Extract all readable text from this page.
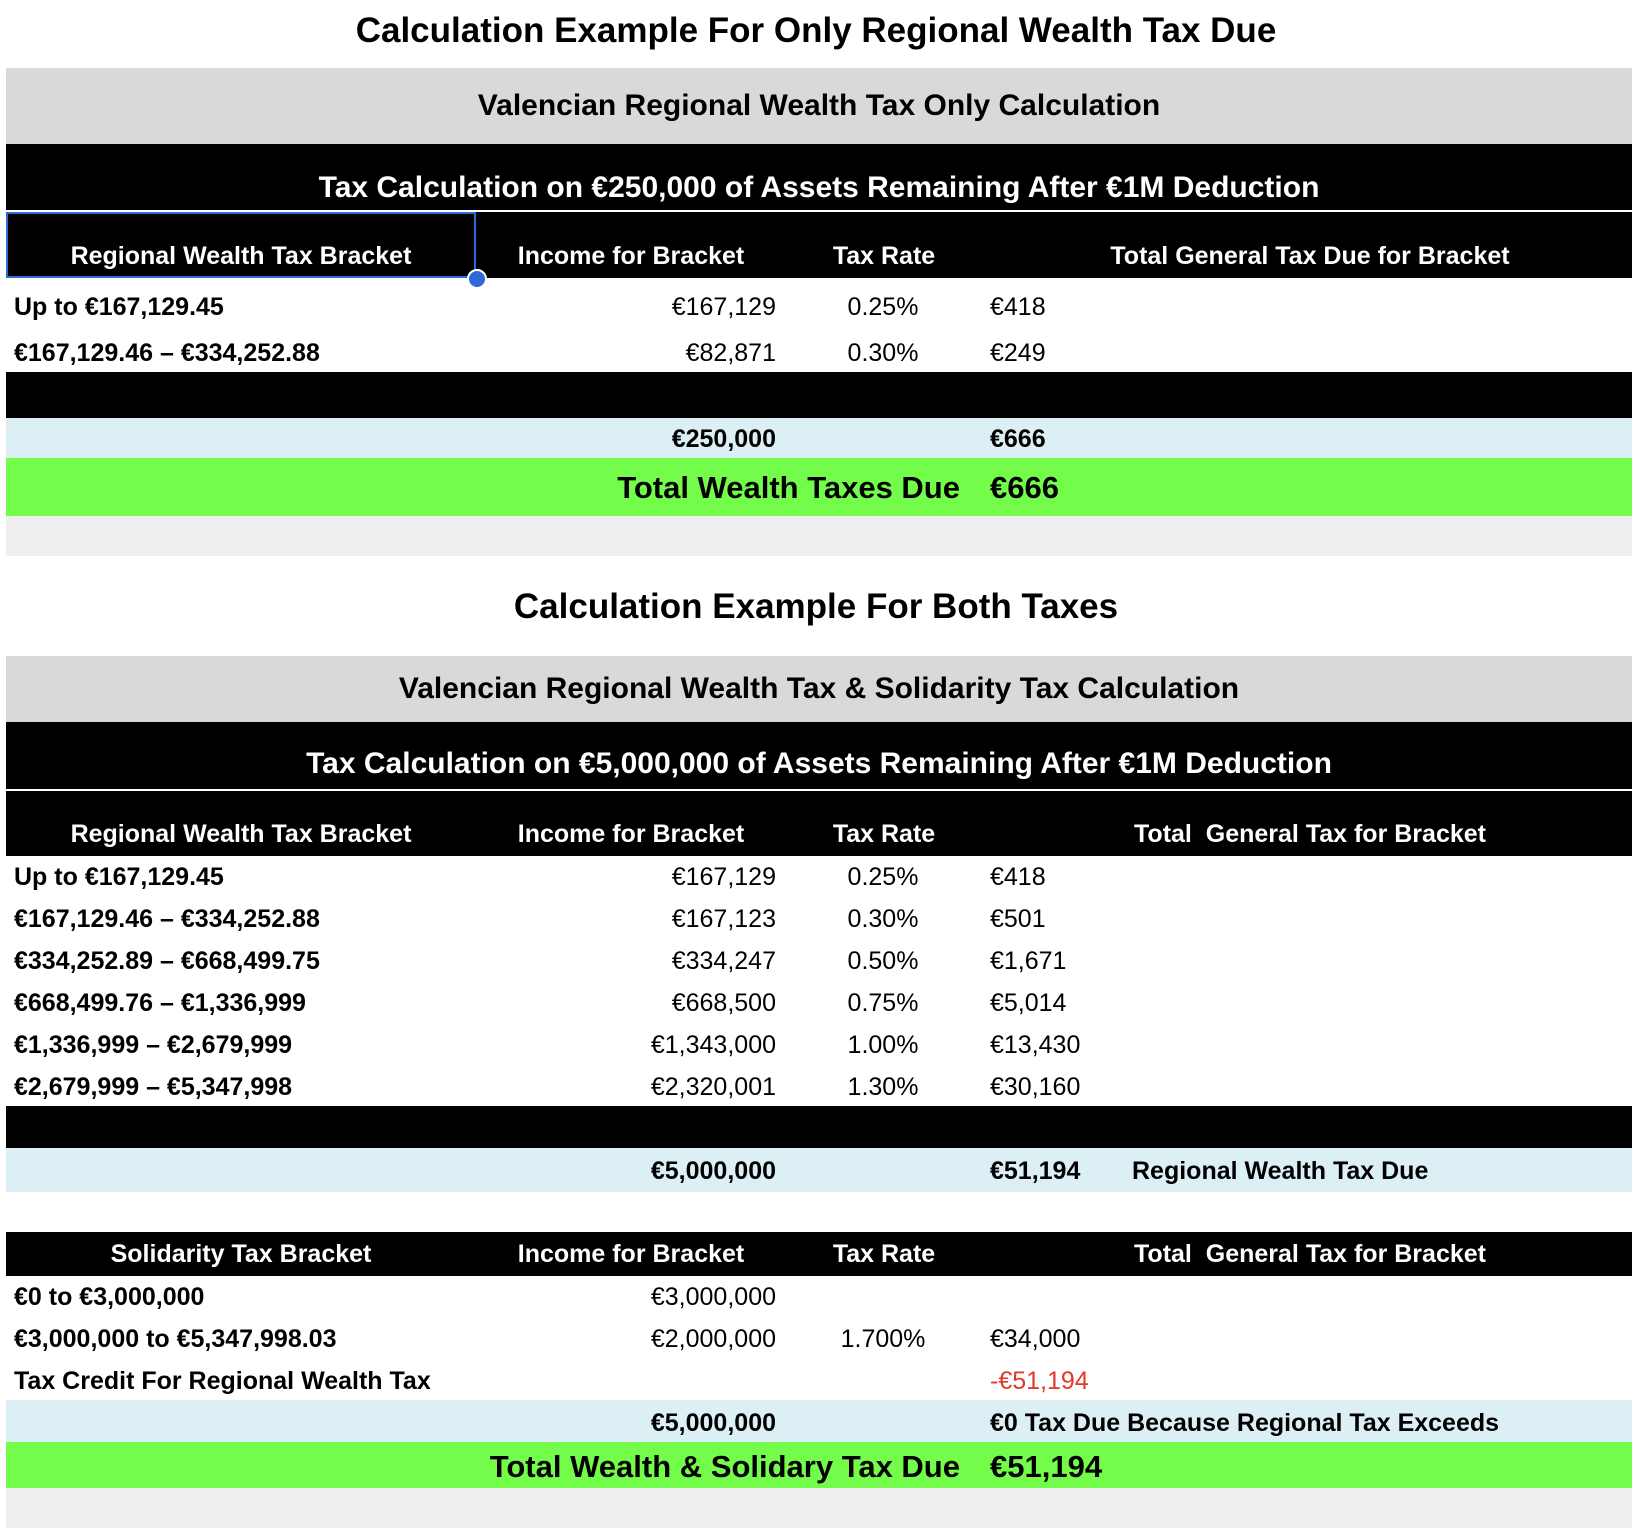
Calculation Example For Only Regional Wealth Tax Due
Valencian Regional Wealth Tax Only Calculation
Tax Calculation on €250,000 of Assets Remaining After €1M Deduction
Regional Wealth Tax Bracket	Income for Bracket	Tax Rate	Total General Tax Due for Bracket
Up to €167,129.45	€167,129	0.25%	€418
€167,129.46 – €334,252.88	€82,871	0.30%	€249
€250,000	€666
Total Wealth Taxes Due €666
Calculation Example For Both Taxes
Valencian Regional Wealth Tax & Solidarity Tax Calculation
Tax Calculation on €5,000,000 of Assets Remaining After €1M Deduction
Regional Wealth Tax Bracket	Income for Bracket	Tax Rate	Total  General Tax for Bracket
Up to €167,129.45	€167,129	0.25%	€418
€167,129.46 – €334,252.88	€167,123	0.30%	€501
€334,252.89 – €668,499.75	€334,247	0.50%	€1,671
€668,499.76 – €1,336,999	€668,500	0.75%	€5,014
€1,336,999 – €2,679,999	€1,343,000	1.00%	€13,430
€2,679,999 – €5,347,998	€2,320,001	1.30%	€30,160
€5,000,000	€51,194 Regional Wealth Tax Due
Solidarity Tax Bracket	Income for Bracket	Tax Rate	Total  General Tax for Bracket
€0 to €3,000,000	€3,000,000
€3,000,000 to €5,347,998.03	€2,000,000	1.700%	€34,000
Tax Credit For Regional Wealth Tax	-€51,194
€5,000,000	€0 Tax Due Because Regional Tax Exceeds
Total Wealth & Solidary Tax Due €51,194
